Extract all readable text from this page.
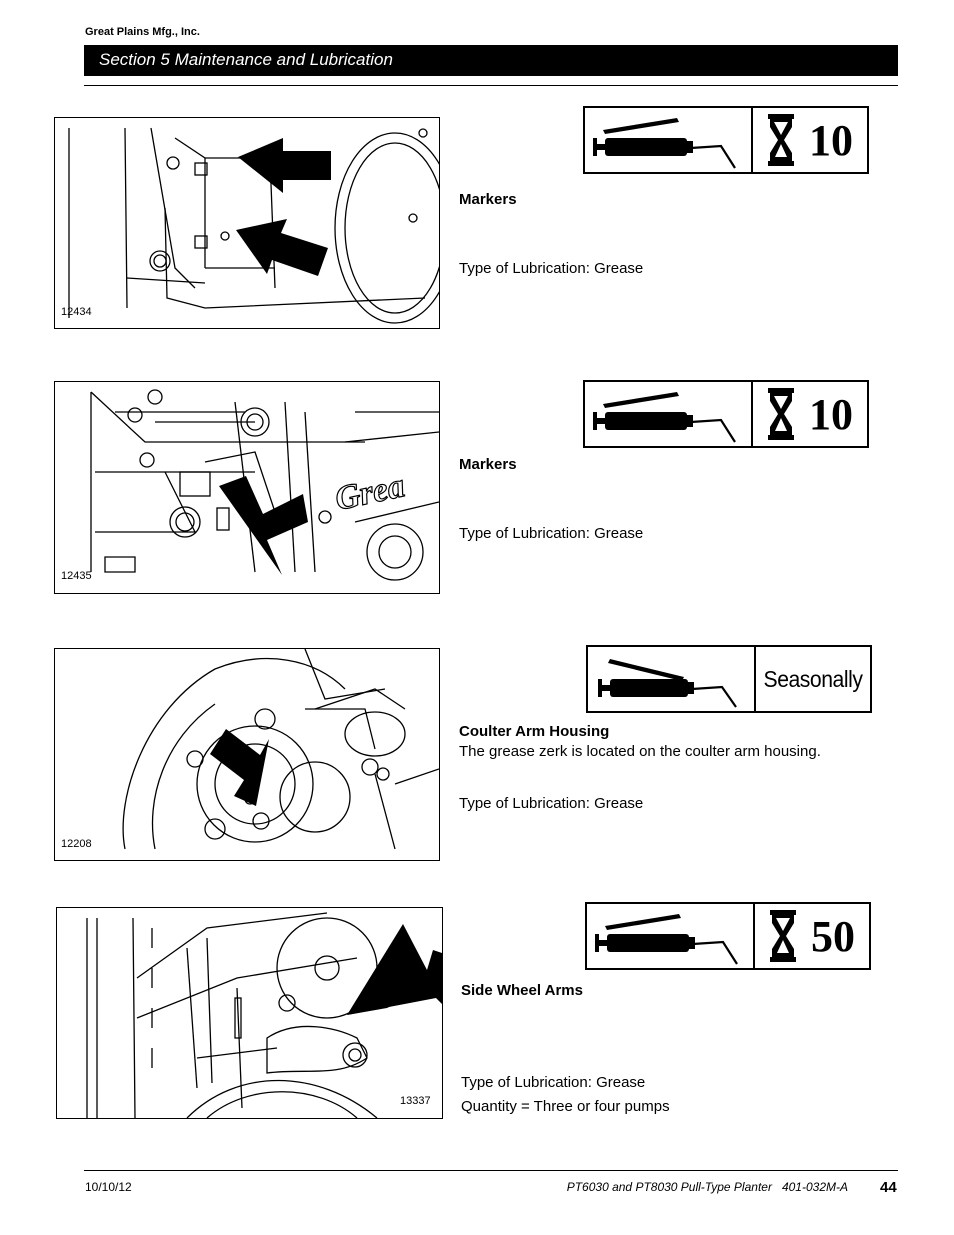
Great Plains Mfg., Inc.
Section 5 Maintenance and Lubrication
12434
10
Markers
Type of Lubrication: Grease
Grea
12435
10
Markers
Type of Lubrication: Grease
12208
Seasonally
Coulter Arm Housing
The grease zerk is located on the coulter arm housing.
Type of Lubrication: Grease
13337
50
Side Wheel Arms
Type of Lubrication: Grease
Quantity = Three or four pumps
10/10/12	PT6030 and PT8030 Pull-Type Planter   401-032M-A 44
